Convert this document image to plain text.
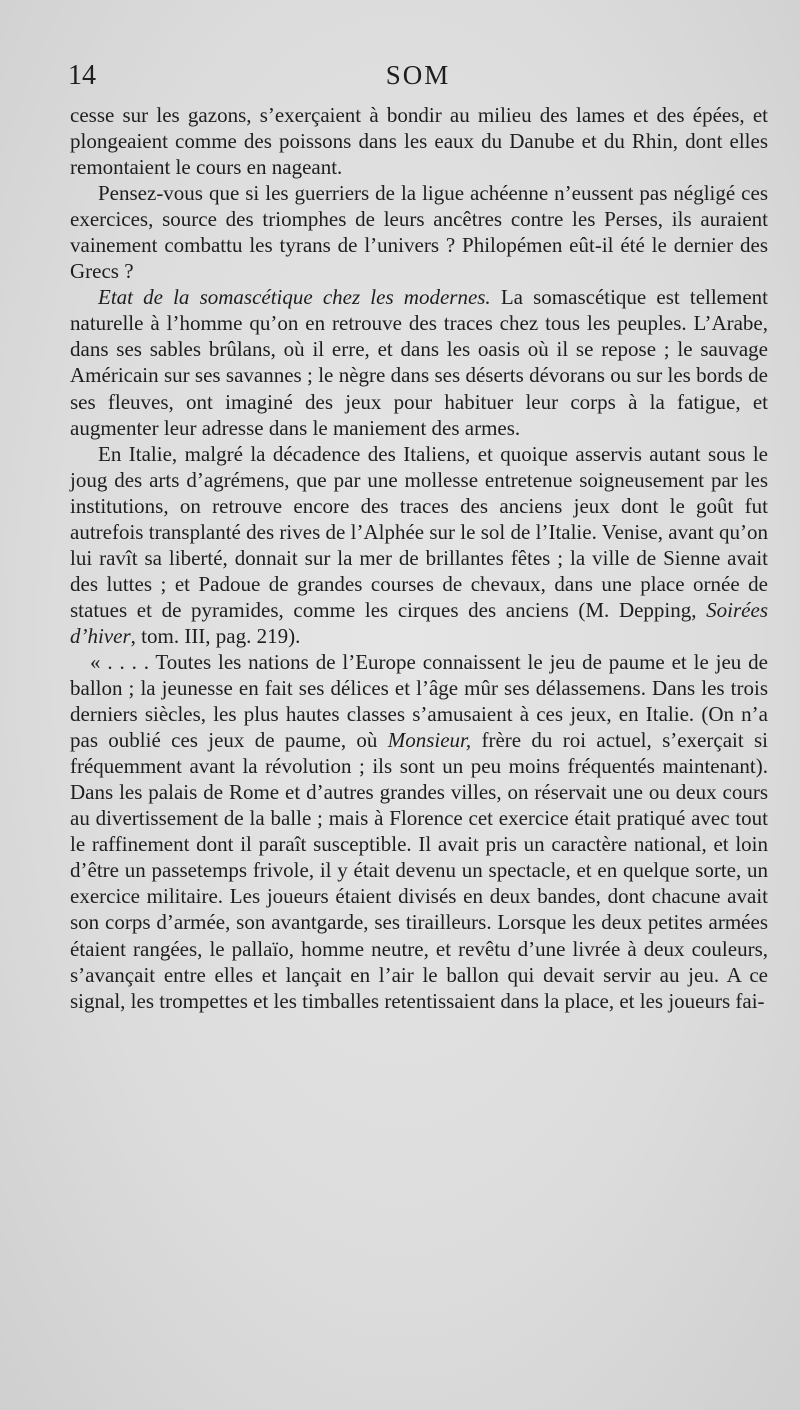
14	SOM

cesse sur les gazons, s’exerçaient à bondir au milieu des lames et des épées, et plongeaient comme des poissons dans les eaux du Danube et du Rhin, dont elles remontaient le cours en nageant.

Pensez-vous que si les guerriers de la ligue achéenne n’eussent pas négligé ces exercices, source des triomphes de leurs ancêtres contre les Perses, ils auraient vainement combattu les tyrans de l’univers ? Philopémen eût-il été le dernier des Grecs ?

Etat de la somascétique chez les modernes. La somascétique est tellement naturelle à l’homme qu’on en retrouve des traces chez tous les peuples. L’Arabe, dans ses sables brûlans, où il erre, et dans les oasis où il se repose ; le sauvage Américain sur ses savannes ; le nègre dans ses déserts dévorans ou sur les bords de ses fleuves, ont imaginé des jeux pour habituer leur corps à la fatigue, et augmenter leur adresse dans le maniement des armes.

En Italie, malgré la décadence des Italiens, et quoique asservis autant sous le joug des arts d’agrémens, que par une mollesse entretenue soigneusement par les institutions, on retrouve encore des traces des anciens jeux dont le goût fut autrefois transplanté des rives de l’Alphée sur le sol de l’Italie. Venise, avant qu’on lui ravît sa liberté, donnait sur la mer de brillantes fêtes ; la ville de Sienne avait des luttes ; et Padoue de grandes courses de chevaux, dans une place ornée de statues et de pyramides, comme les cirques des anciens (M. Depping, Soirées d’hiver, tom. III, pag. 219).

« . . . . Toutes les nations de l’Europe connaissent le jeu de paume et le jeu de ballon ; la jeunesse en fait ses délices et l’âge mûr ses délassemens. Dans les trois derniers siècles, les plus hautes classes s’amusaient à ces jeux, en Italie. (On n’a pas oublié ces jeux de paume, où Monsieur, frère du roi actuel, s’exerçait si fréquemment avant la révolution ; ils sont un peu moins fréquentés maintenant). Dans les palais de Rome et d’autres grandes villes, on réservait une ou deux cours au divertissement de la balle ; mais à Florence cet exercice était pratiqué avec tout le raffinement dont il paraît susceptible. Il avait pris un caractère national, et loin d’être un passetemps frivole, il y était devenu un spectacle, et en quelque sorte, un exercice militaire. Les joueurs étaient divisés en deux bandes, dont chacune avait son corps d’armée, son avantgarde, ses tirailleurs. Lorsque les deux petites armées étaient rangées, le pallaïo, homme neutre, et revêtu d’une livrée à deux couleurs, s’avançait entre elles et lançait en l’air le ballon qui devait servir au jeu. A ce signal, les trompettes et les timballes retentissaient dans la place, et les joueurs fai-
